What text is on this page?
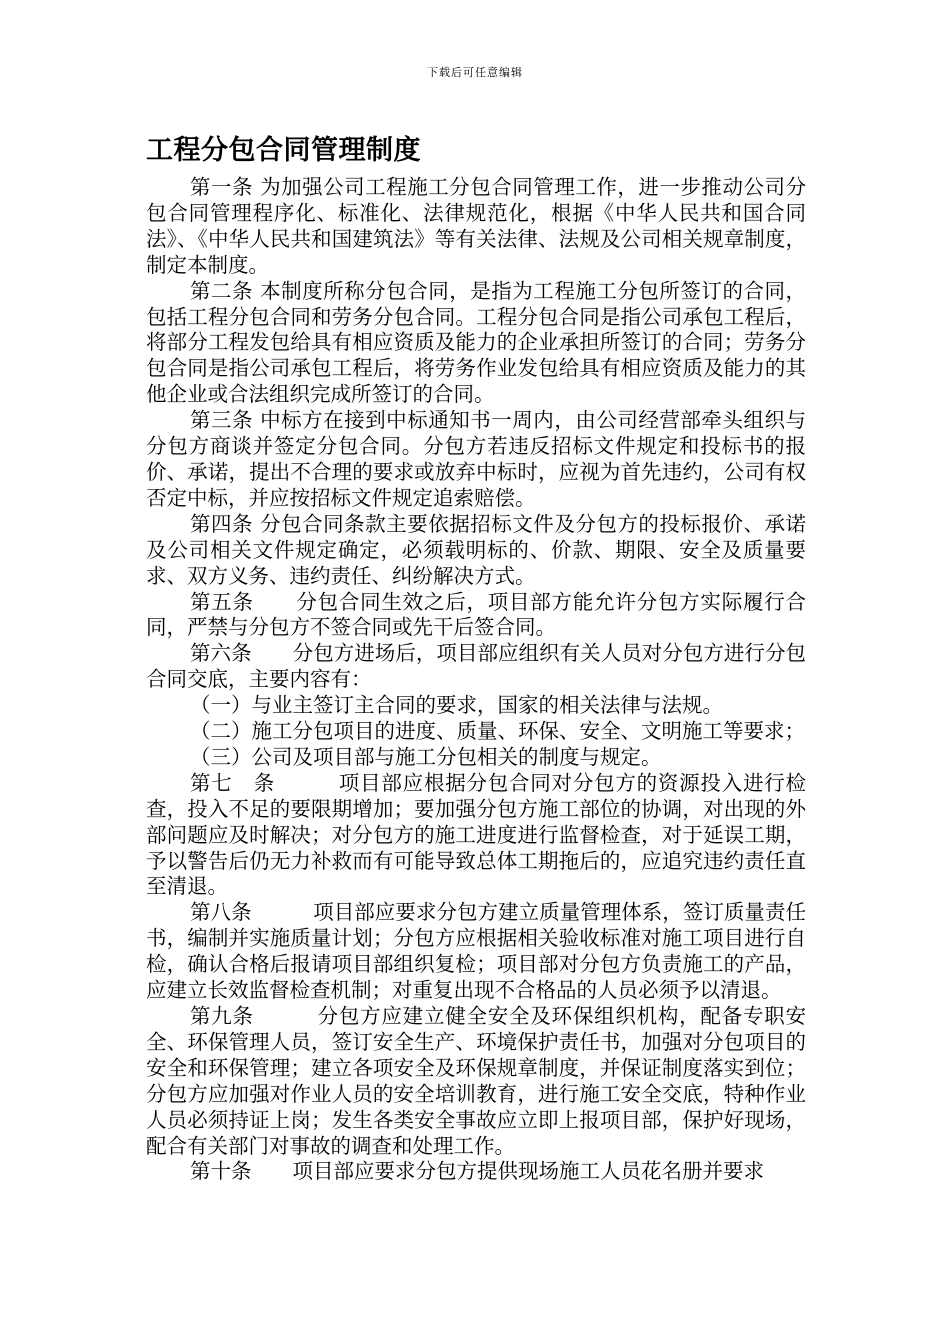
下载后可任意编辑
工程分包合同管理制度

第一条 为加强公司工程施工分包合同管理工作，进一步推动公司分包合同管理程序化、标准化、法律规范化，根据《中华人民共和国合同法》、《中华人民共和国建筑法》等有关法律、法规及公司相关规章制度，制定本制度。

第二条 本制度所称分包合同，是指为工程施工分包所签订的合同，包括工程分包合同和劳务分包合同。工程分包合同是指公司承包工程后，将部分工程发包给具有相应资质及能力的企业承担所签订的合同；劳务分包合同是指公司承包工程后，将劳务作业发包给具有相应资质及能力的其他企业或合法组织完成所签订的合同。

第三条 中标方在接到中标通知书一周内，由公司经营部牵头组织与分包方商谈并签定分包合同。分包方若违反招标文件规定和投标书的报价、承诺，提出不合理的要求或放弃中标时，应视为首先违约，公司有权否定中标，并应按招标文件规定追索赔偿。

第四条 分包合同条款主要依据招标文件及分包方的投标报价、承诺及公司相关文件规定确定，必须载明标的、价款、期限、安全及质量要求、双方义务、违约责任、纠纷解决方式。

第五条　　分包合同生效之后，项目部方能允许分包方实际履行合同，严禁与分包方不签合同或先干后签合同。

第六条　　分包方进场后，项目部应组织有关人员对分包方进行分包合同交底，主要内容有：

（一）与业主签订主合同的要求，国家的相关法律与法规。

（二）施工分包项目的进度、质量、环保、安全、文明施工等要求；

（三）公司及项目部与施工分包相关的制度与规定。

第七　条　　　项目部应根据分包合同对分包方的资源投入进行检查，投入不足的要限期增加；要加强分包方施工部位的协调，对出现的外部问题应及时解决；对分包方的施工进度进行监督检查，对于延误工期，予以警告后仍无力补救而有可能导致总体工期拖后的，应追究违约责任直至清退。

第八条　　　项目部应要求分包方建立质量管理体系，签订质量责任书，编制并实施质量计划；分包方应根据相关验收标准对施工项目进行自检，确认合格后报请项目部组织复检；项目部对分包方负责施工的产品，应建立长效监督检查机制；对重复出现不合格品的人员必须予以清退。

第九条　　　分包方应建立健全安全及环保组织机构，配备专职安全、环保管理人员，签订安全生产、环境保护责任书，加强对分包项目的安全和环保管理；建立各项安全及环保规章制度，并保证制度落实到位；分包方应加强对作业人员的安全培训教育，进行施工安全交底，特种作业人员必须持证上岗；发生各类安全事故应立即上报项目部，保护好现场，配合有关部门对事故的调查和处理工作。

第十条　　项目部应要求分包方提供现场施工人员花名册并要求
